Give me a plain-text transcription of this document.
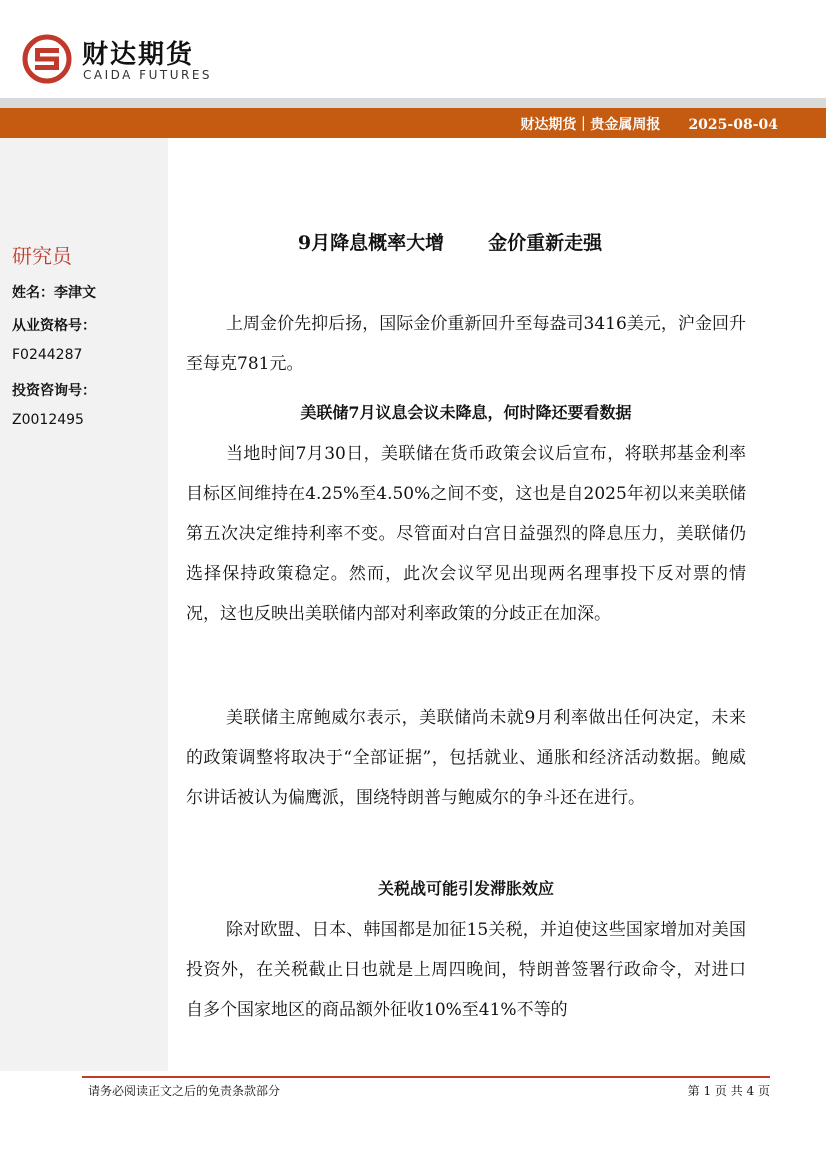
财达期货
CAIDA FUTURES
财达期货｜贵金属周报 2025-08-04
研究员
姓名：李津文
从业资格号：
F0244287
投资咨询号：
Z0012495
9月降息概率大增 金价重新走强

上周金价先抑后扬，国际金价重新回升至每盎司3416美元，沪金回升至每克781元。

美联储7月议息会议未降息，何时降还要看数据

当地时间7月30日，美联储在货币政策会议后宣布，将联邦基金利率目标区间维持在4.25%至4.50%之间不变，这也是自2025年初以来美联储第五次决定维持利率不变。尽管面对白宫日益强烈的降息压力，美联储仍选择保持政策稳定。然而，此次会议罕见出现两名理事投下反对票的情况，这也反映出美联储内部对利率政策的分歧正在加深。

美联储主席鲍威尔表示，美联储尚未就9月利率做出任何决定，未来的政策调整将取决于“全部证据”，包括就业、通胀和经济活动数据。鲍威尔讲话被认为偏鹰派，围绕特朗普与鲍威尔的争斗还在进行。

关税战可能引发滞胀效应

除对欧盟、日本、韩国都是加征15关税，并迫使这些国家增加对美国投资外，在关税截止日也就是上周四晚间，特朗普签署行政命令，对进口自多个国家地区的商品额外征收10%至41%不等的

请务必阅读正文之后的免责条款部分	第 1 页 共 4 页
